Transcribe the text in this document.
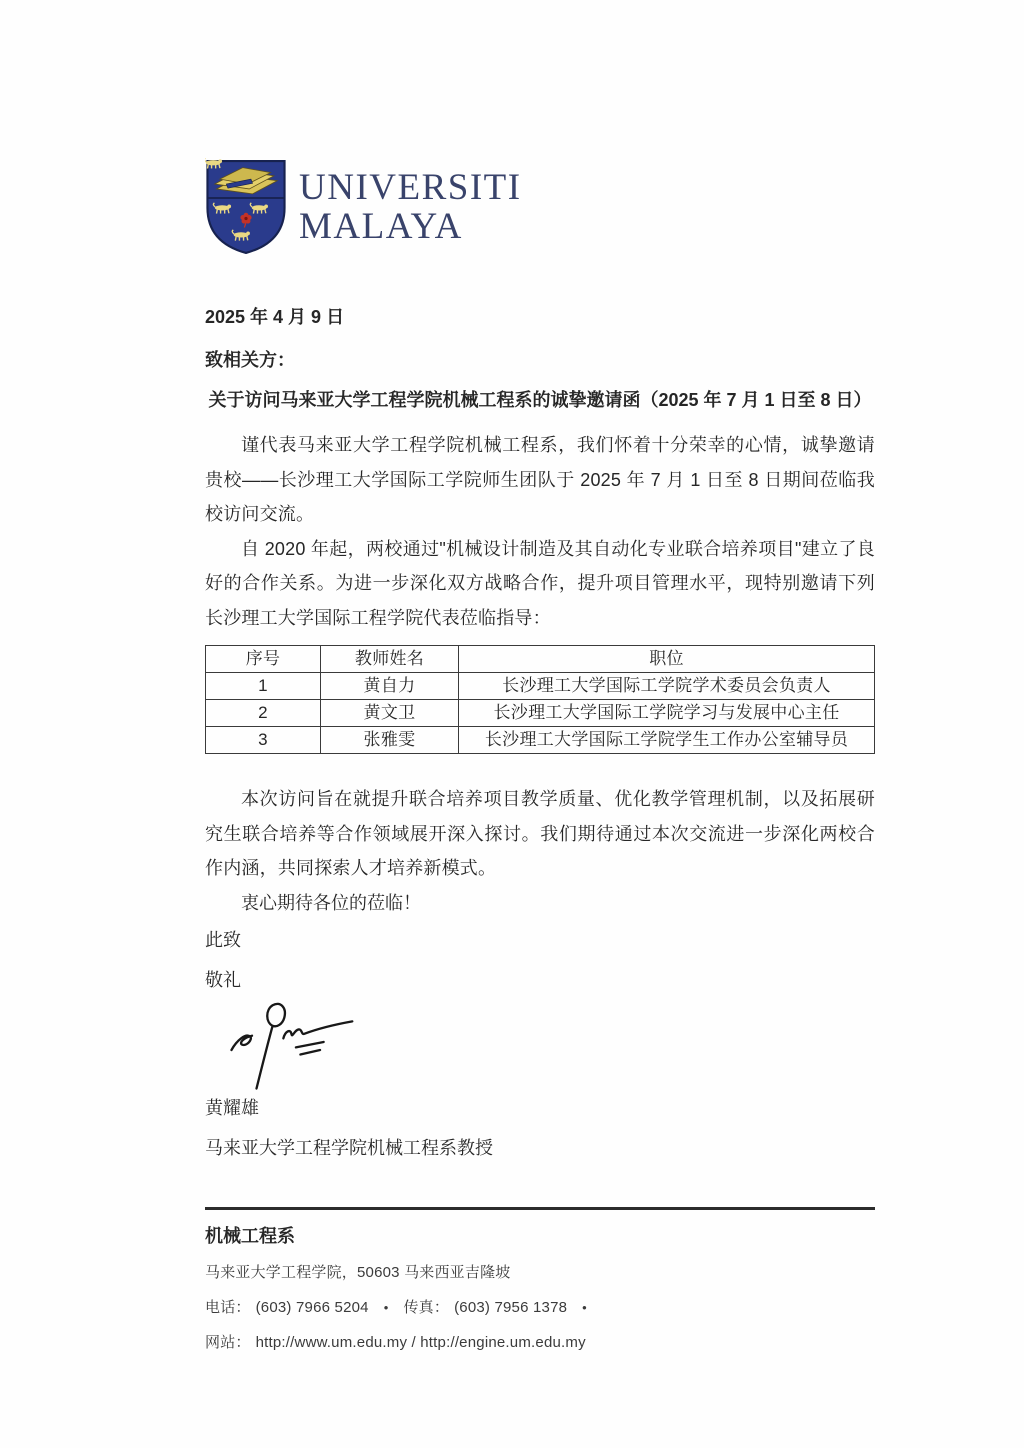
UNIVERSITI
MALAYA
2025 年 4 月 9 日
致相关方：
关于访问马来亚大学工程学院机械工程系的诚挚邀请函（2025 年 7 月 1 日至 8 日）

谨代表马来亚大学工程学院机械工程系，我们怀着十分荣幸的心情，诚挚邀请贵校——长沙理工大学国际工学院师生团队于 2025 年 7 月 1 日至 8 日期间莅临我校访问交流。

自 2020 年起，两校通过"机械设计制造及其自动化专业联合培养项目"建立了良好的合作关系。为进一步深化双方战略合作，提升项目管理水平，现特别邀请下列长沙理工大学国际工程学院代表莅临指导：

序号	教师姓名	职位
1	黄自力	长沙理工大学国际工学院学术委员会负责人
2	黄文卫	长沙理工大学国际工学院学习与发展中心主任
3	张雅雯	长沙理工大学国际工学院学生工作办公室辅导员

本次访问旨在就提升联合培养项目教学质量、优化教学管理机制，以及拓展研究生联合培养等合作领域展开深入探讨。我们期待通过本次交流进一步深化两校合作内涵，共同探索人才培养新模式。

衷心期待各位的莅临！

此致
敬礼
黄耀雄
马来亚大学工程学院机械工程系教授
机械工程系
马来亚大学工程学院，50603 马来西亚吉隆坡
电话： (603) 7966 5204 • 传真： (603) 7956 1378 •
网站： http://www.um.edu.my / http://engine.um.edu.my
